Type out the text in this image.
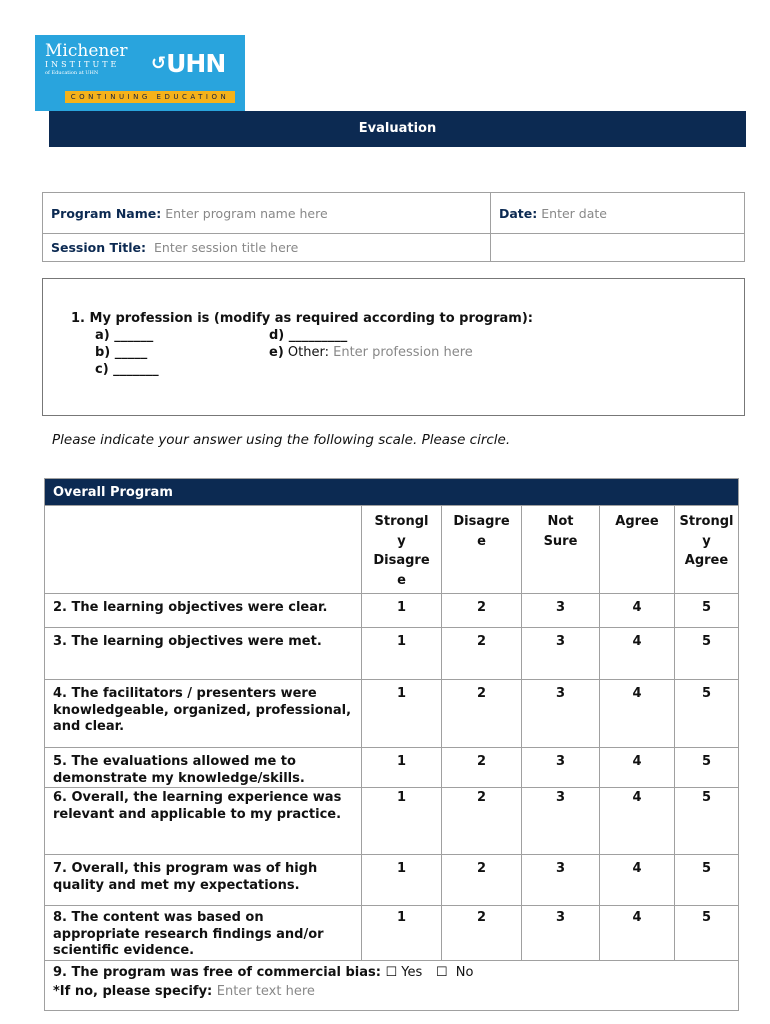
Michener
INSTITUTE
of Education at UHN	↺UHN
CONTINUING EDUCATION
Evaluation
Program Name: Enter program name here	Date: Enter date
Session Title: Enter session title here	
1. My profession is (modify as required according to program):
a) ______
b) _____
c) _______
d) _________
e) Other: Enter profession here
Please indicate your answer using the following scale. Please circle.
Overall Program					
	Strongl
y
Disagre
e	Disagre
e	Not
Sure	Agree	Strongl
y
Agree
2. The learning objectives were clear.	1	2	3	4	5
3. The learning objectives were met.	1	2	3	4	5
4. The facilitators / presenters were knowledgeable, organized, professional, and clear.	1	2	3	4	5
5. The evaluations allowed me to demonstrate my knowledge/skills.	1	2	3	4	5
6. Overall, the learning experience was relevant and applicable to my practice.	1	2	3	4	5
7. Overall, this program was of high quality and met my expectations.	1	2	3	4	5
8. The content was based on appropriate research findings and/or scientific evidence.	1	2	3	4	5
9. The program was free of commercial bias: ☐ Yes ☐ No
*If no, please specify: Enter text here					
